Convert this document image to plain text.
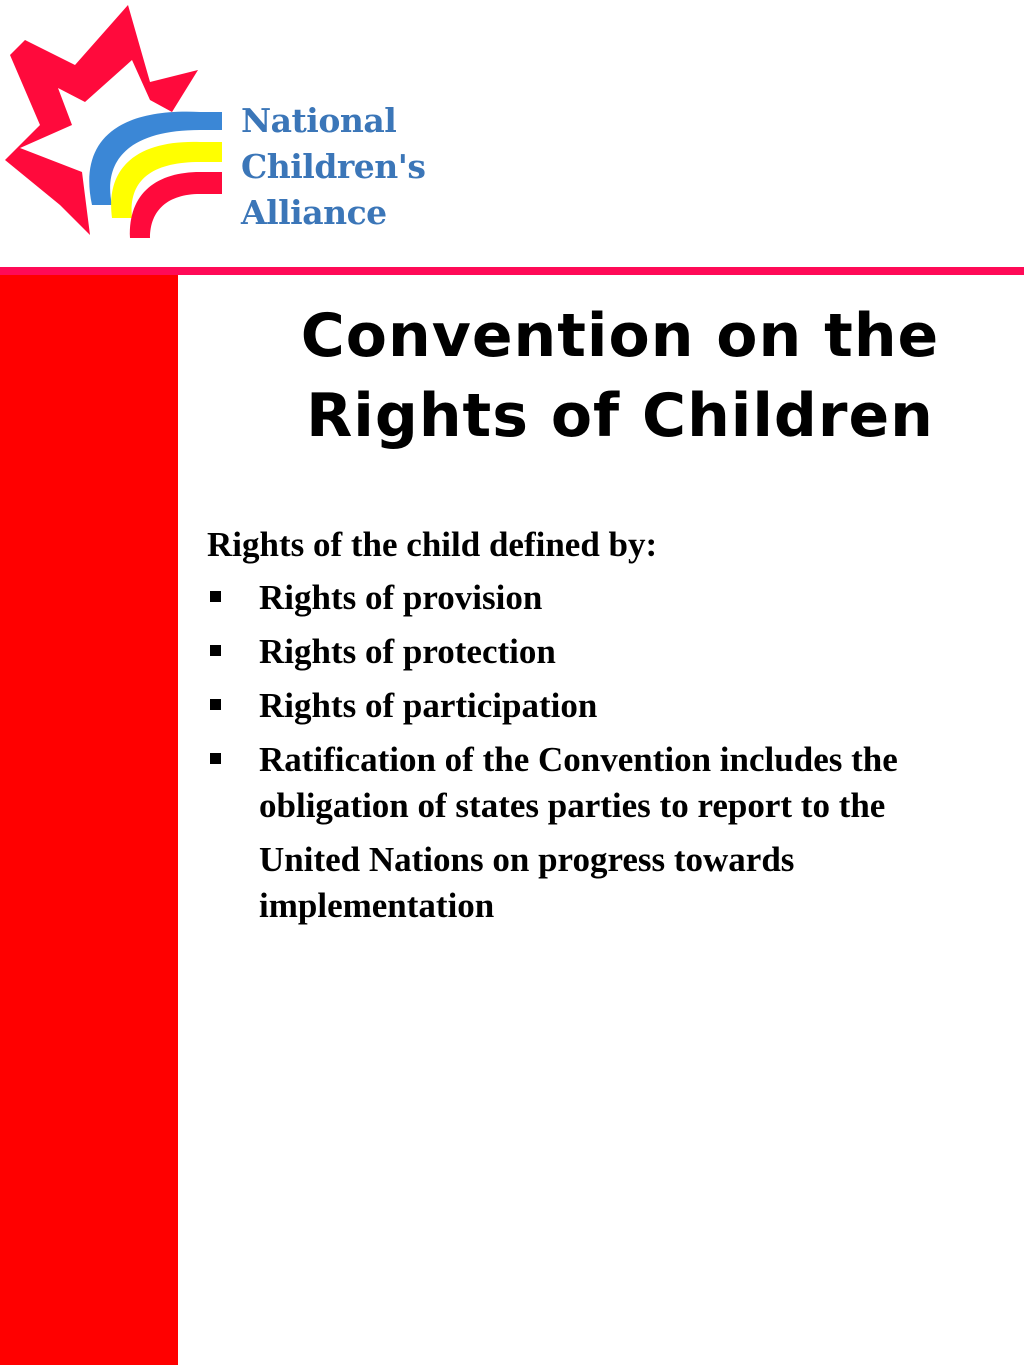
National
Children's
Alliance
Convention on the
Rights of Children

Rights of the child defined by:

Rights of provision
Rights of protection
Rights of participation
Ratification of the Convention includes the
obligation of states parties to report to the
United Nations on progress towards
implementation
